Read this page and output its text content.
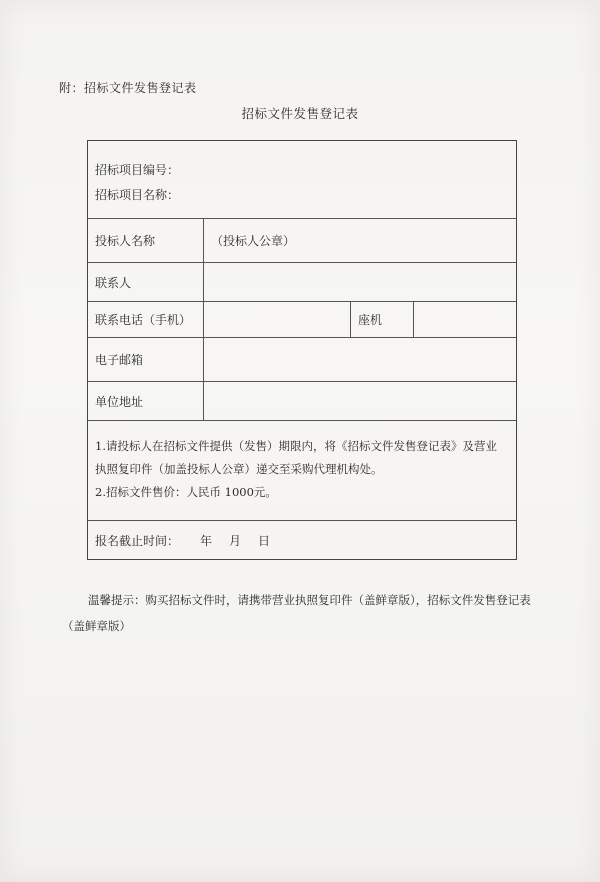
附：招标文件发售登记表
招标文件发售登记表
招标项目编号：
招标项目名称：
投标人名称	（投标人公章）
联系人
联系电话（手机）	座机
电子邮箱
单位地址
1.请投标人在招标文件提供（发售）期限内，将《招标文件发售登记表》及营业
执照复印件（加盖投标人公章）递交至采购代理机构处。
2.招标文件售价：人民币 1000元。
报名截止时间： 年 月 日
温馨提示：购买招标文件时，请携带营业执照复印件（盖鲜章版），招标文件发售登记表（盖鲜章版）
